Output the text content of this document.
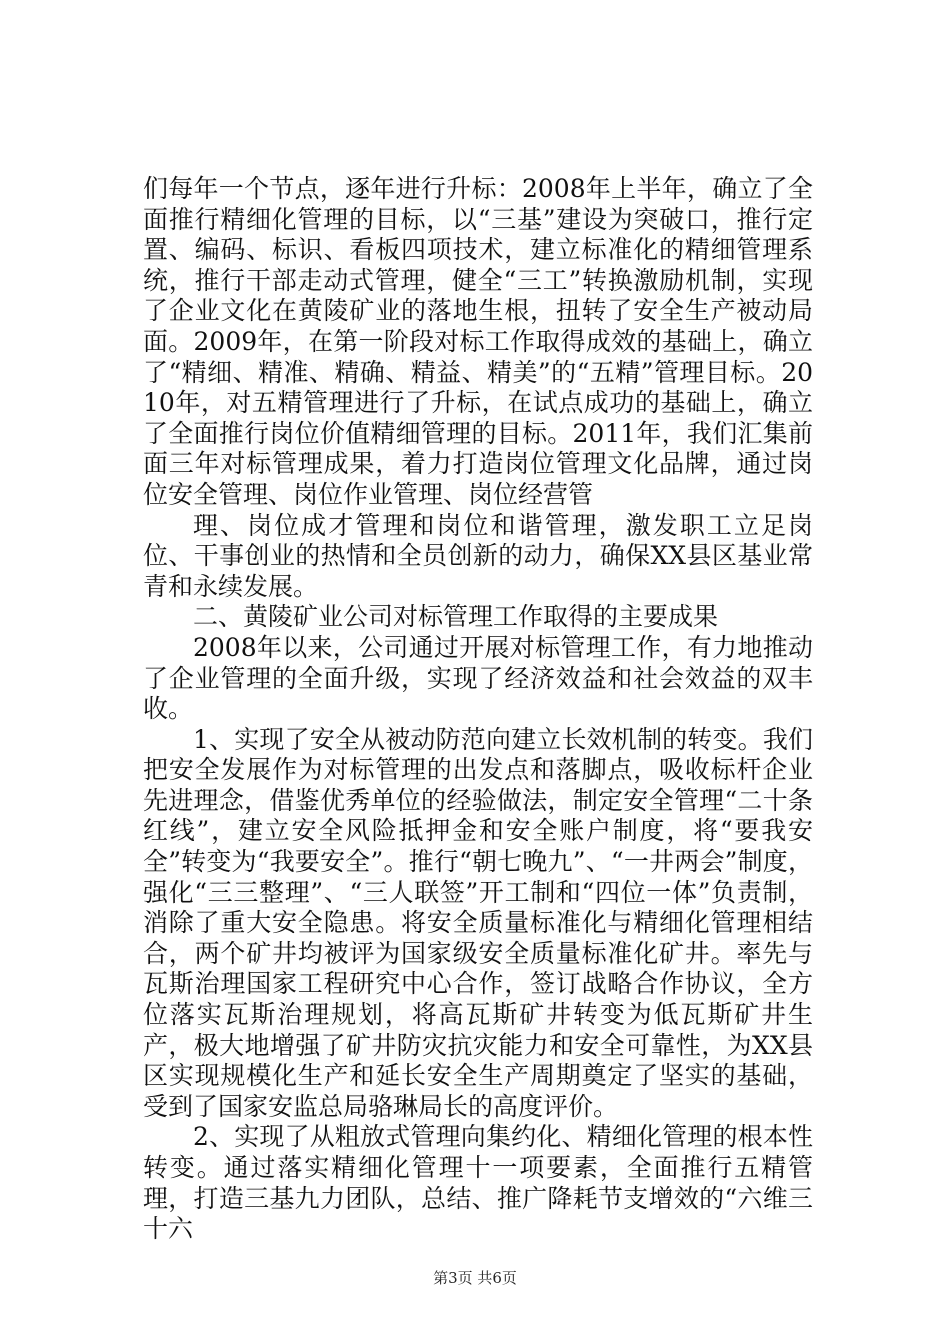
们每年一个节点，逐年进行升标：2008年上半年，确立了全面推行精细化管理的目标，以“三基”建设为突破口，推行定置、编码、标识、看板四项技术，建立标准化的精细管理系统，推行干部走动式管理，健全“三工”转换激励机制，实现了企业文化在黄陵矿业的落地生根，扭转了安全生产被动局面。2009年，在第一阶段对标工作取得成效的基础上，确立了“精细、精准、精确、精益、精美”的“五精”管理目标。2010年，对五精管理进行了升标，在试点成功的基础上，确立了全面推行岗位价值精细管理的目标。2011年，我们汇集前面三年对标管理成果，着力打造岗位管理文化品牌，通过岗位安全管理、岗位作业管理、岗位经营管

理、岗位成才管理和岗位和谐管理，激发职工立足岗位、干事创业的热情和全员创新的动力，确保XX县区基业常青和永续发展。

二、黄陵矿业公司对标管理工作取得的主要成果

2008年以来，公司通过开展对标管理工作，有力地推动了企业管理的全面升级，实现了经济效益和社会效益的双丰收。

1、实现了安全从被动防范向建立长效机制的转变。我们把安全发展作为对标管理的出发点和落脚点，吸收标杆企业先进理念，借鉴优秀单位的经验做法，制定安全管理“二十条红线”，建立安全风险抵押金和安全账户制度，将“要我安全”转变为“我要安全”。推行“朝七晚九”、“一井两会”制度，强化“三三整理”、“三人联签”开工制和“四位一体”负责制，消除了重大安全隐患。将安全质量标准化与精细化管理相结合，两个矿井均被评为国家级安全质量标准化矿井。率先与瓦斯治理国家工程研究中心合作，签订战略合作协议，全方位落实瓦斯治理规划，将高瓦斯矿井转变为低瓦斯矿井生产，极大地增强了矿井防灾抗灾能力和安全可靠性，为XX县区实现规模化生产和延长安全生产周期奠定了坚实的基础，受到了国家安监总局骆琳局长的高度评价。

2、实现了从粗放式管理向集约化、精细化管理的根本性转变。通过落实精细化管理十一项要素，全面推行五精管理，打造三基九力团队，总结、推广降耗节支增效的“六维三十六

第3页 共6页
